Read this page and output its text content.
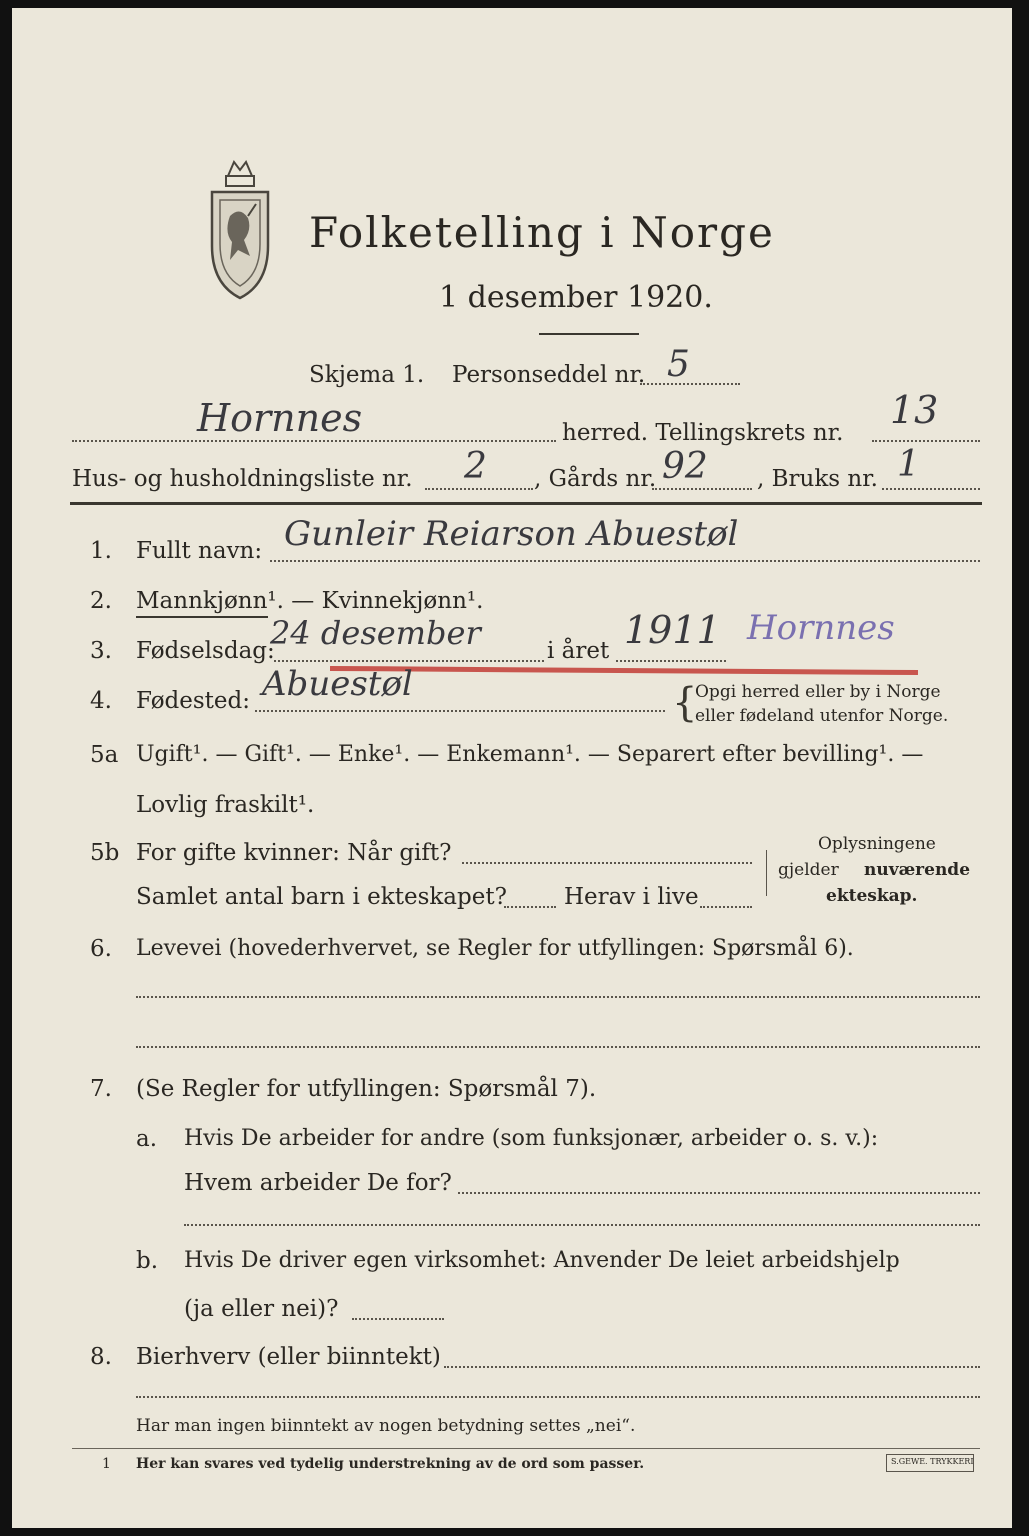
Folketelling i Norge
1 desember 1920.
Skjema 1. Personseddel nr. 5
Hornnes	herred. Tellingskrets nr.
13
Hus- og husholdningsliste nr. 2 , Gårds nr. 92 , Bruks nr. 1
1. Fullt navn: Gunleir Reiarson Abuestøl
2. Mannkjønn¹. — Kvinnekjønn¹.
3. Fødselsdag:
24 desember	i året 1911 Hornnes
4. Fødested: Abuestøl	{
Opgi herred eller by i Norge
eller fødeland utenfor Norge.
5a Ugift¹. — Gift¹. — Enke¹. — Enkemann¹. — Separert efter bevilling¹. —
Lovlig fraskilt¹.
5b For gifte kvinner: Når gift?
Samlet antal barn i ekteskapet? Herav i live
Oplysningene
gjelder nuværende
ekteskap.
6. Levevei (hovederhvervet, se Regler for utfyllingen: Spørsmål 6).
7. (Se Regler for utfyllingen: Spørsmål 7).
a. Hvis De arbeider for andre (som funksjonær, arbeider o. s. v.):
Hvem arbeider De for?
b. Hvis De driver egen virksomhet: Anvender De leiet arbeidshjelp
(ja eller nei)?
8. Bierhverv (eller biinntekt)
Har man ingen biinntekt av nogen betydning settes „nei“.
1 Her kan svares ved tydelig understrekning av de ord som passer.	S.GEWE. TRYKKERI
